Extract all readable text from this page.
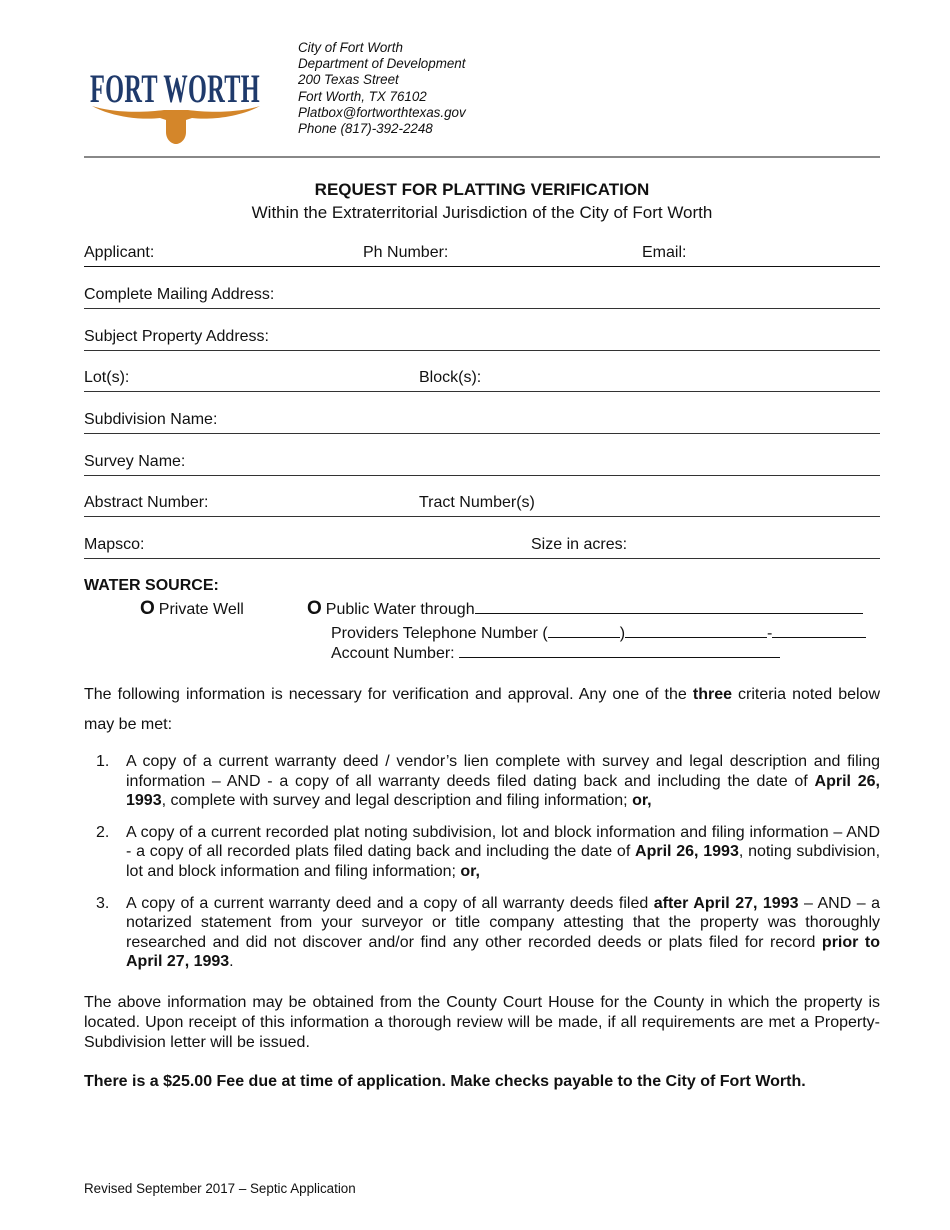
FORT WORTH
City of Fort Worth
Department of Development
200 Texas Street
Fort Worth, TX 76102
Platbox@fortworthtexas.gov
Phone (817)-392-2248
REQUEST FOR PLATTING VERIFICATION
Within the Extraterritorial Jurisdiction of the City of Fort Worth
Applicant:	Ph Number:	Email:
Complete Mailing Address:
Subject Property Address:
Lot(s):	Block(s):
Subdivision Name:
Survey Name:
Abstract Number:	Tract Number(s)
Mapsco:	Size in acres:
WATER SOURCE:
O Private Well	O Public Water through
Providers Telephone Number (	)	-
Account Number:
The following information is necessary for verification and approval. Any one of the three criteria noted below may be met:
1. A copy of a current warranty deed / vendor’s lien complete with survey and legal description and filing information – AND - a copy of all warranty deeds filed dating back and including the date of April 26, 1993, complete with survey and legal description and filing information; or,
2. A copy of a current recorded plat noting subdivision, lot and block information and filing information – AND - a copy of all recorded plats filed dating back and including the date of April 26, 1993, noting subdivision, lot and block information and filing information; or,
3. A copy of a current warranty deed and a copy of all warranty deeds filed after April 27, 1993 – AND – a notarized statement from your surveyor or title company attesting that the property was thoroughly researched and did not discover and/or find any other recorded deeds or plats filed for record prior to April 27, 1993.
The above information may be obtained from the County Court House for the County in which the property is located. Upon receipt of this information a thorough review will be made, if all requirements are met a Property-Subdivision letter will be issued.
There is a $25.00 Fee due at time of application. Make checks payable to the City of Fort Worth.
Revised September 2017 – Septic Application
